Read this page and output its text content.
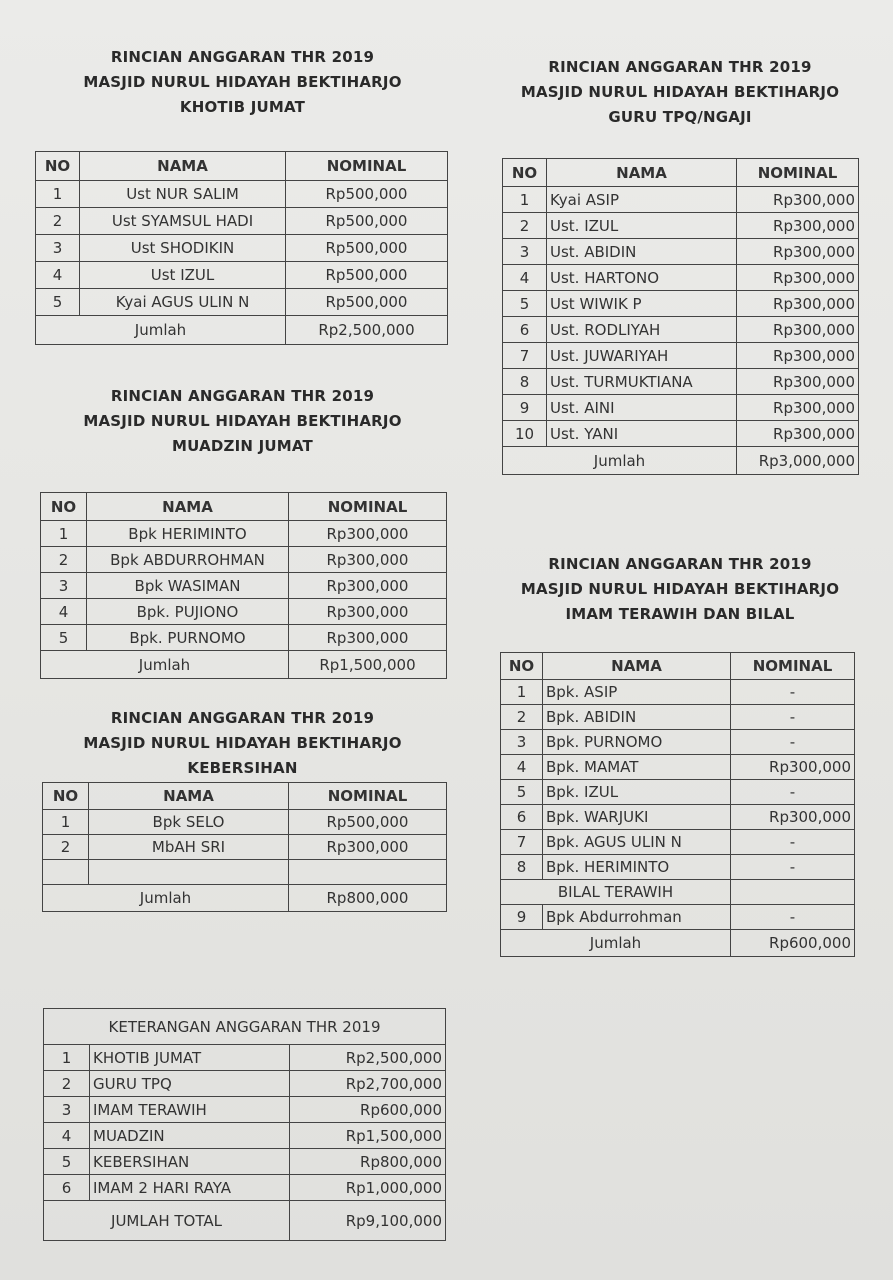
RINCIAN ANGGARAN THR 2019
MASJID NURUL HIDAYAH BEKTIHARJO
KHOTIB JUMAT
NO	NAMA	NOMINAL
1	Ust NUR SALIM	Rp500,000
2	Ust SYAMSUL HADI	Rp500,000
3	Ust SHODIKIN	Rp500,000
4	Ust IZUL	Rp500,000
5	Kyai AGUS ULIN N	Rp500,000
Jumlah		Rp2,500,000
RINCIAN ANGGARAN THR 2019
MASJID NURUL HIDAYAH BEKTIHARJO
GURU TPQ/NGAJI
NO	NAMA	NOMINAL
1	Kyai ASIP	Rp300,000
2	Ust. IZUL	Rp300,000
3	Ust. ABIDIN	Rp300,000
4	Ust. HARTONO	Rp300,000
5	Ust WIWIK P	Rp300,000
6	Ust. RODLIYAH	Rp300,000
7	Ust. JUWARIYAH	Rp300,000
8	Ust. TURMUKTIANA	Rp300,000
9	Ust. AINI	Rp300,000
10	Ust. YANI	Rp300,000
Jumlah		Rp3,000,000
RINCIAN ANGGARAN THR 2019
MASJID NURUL HIDAYAH BEKTIHARJO
MUADZIN JUMAT
NO	NAMA	NOMINAL
1	Bpk HERIMINTO	Rp300,000
2	Bpk ABDURROHMAN	Rp300,000
3	Bpk WASIMAN	Rp300,000
4	Bpk. PUJIONO	Rp300,000
5	Bpk. PURNOMO	Rp300,000
Jumlah		Rp1,500,000
RINCIAN ANGGARAN THR 2019
MASJID NURUL HIDAYAH BEKTIHARJO
IMAM TERAWIH DAN BILAL
NO	NAMA	NOMINAL
1	Bpk. ASIP	-
2	Bpk. ABIDIN	-
3	Bpk. PURNOMO	-
4	Bpk. MAMAT	Rp300,000
5	Bpk. IZUL	-
6	Bpk. WARJUKI	Rp300,000
7	Bpk. AGUS ULIN N	-
8	Bpk. HERIMINTO	-
BILAL TERAWIH		
9	Bpk Abdurrohman	-
Jumlah		Rp600,000
RINCIAN ANGGARAN THR 2019
MASJID NURUL HIDAYAH BEKTIHARJO
KEBERSIHAN
NO	NAMA	NOMINAL
1	Bpk SELO	Rp500,000
2	MbAH SRI	Rp300,000

Jumlah		Rp800,000
KETERANGAN ANGGARAN THR 2019		
1	KHOTIB JUMAT	Rp2,500,000
2	GURU TPQ	Rp2,700,000
3	IMAM TERAWIH	Rp600,000
4	MUADZIN	Rp1,500,000
5	KEBERSIHAN	Rp800,000
6	IMAM 2 HARI RAYA	Rp1,000,000
JUMLAH TOTAL		Rp9,100,000
